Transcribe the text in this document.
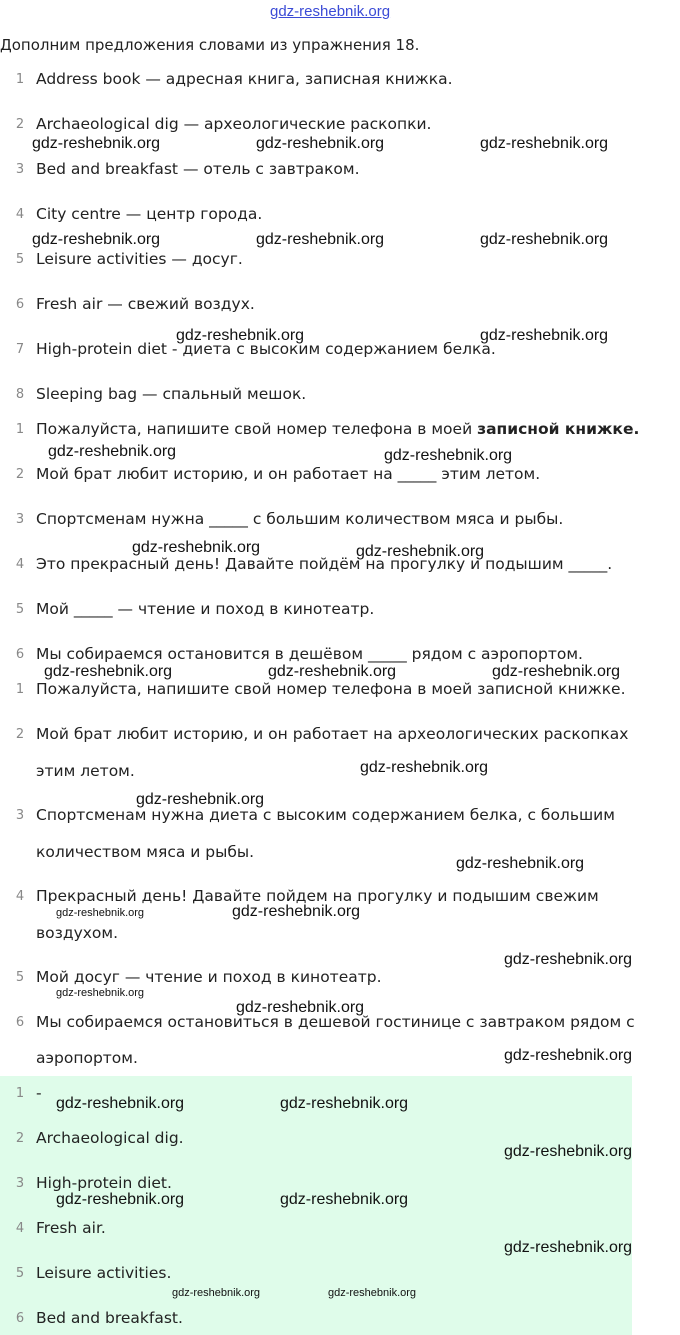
gdz-reshebnik.org
Дополним предложения словами из упражнения 18.
1 Address book — адресная книга, записная книжка.
2 Archaeological dig — археологические раскопки.
3 Bed and breakfast — отель с завтраком.
4 City centre — центр города.
5 Leisure activities — досуг.
6 Fresh air — свежий воздух.
7 High-protein diet - диета с высоким содержанием белка.
8 Sleeping bag — спальный мешок.
1 Пожалуйста, напишите свой номер телефона в моей записной книжке.
2 Мой брат любит историю, и он работает на _____ этим летом.
3 Спортсменам нужна _____ с большим количеством мяса и рыбы.
4 Это прекрасный день! Давайте пойдём на прогулку и подышим _____.
5 Мой _____ — чтение и поход в кинотеатр.
6 Мы собираемся остановится в дешёвом _____ рядом с аэропортом.
1 Пожалуйста, напишите свой номер телефона в моей записной книжке.
2 Мой брат любит историю, и он работает на археологических раскопках
этим летом.
3 Спортсменам нужна диета с высоким содержанием белка, с большим
количеством мяса и рыбы.
4 Прекрасный день! Давайте пойдем на прогулку и подышим свежим
воздухом.
5 Мой досуг — чтение и поход в кинотеатр.
6 Мы собираемся остановиться в дешевой гостинице с завтраком рядом с
аэропортом.
1 -
2 Archaeological dig.
3 High-protein diet.
4 Fresh air.
5 Leisure activities.
6 Bed and breakfast.
gdz-reshebnik.org	gdz-reshebnik.org	gdz-reshebnik.org
gdz-reshebnik.org	gdz-reshebnik.org	gdz-reshebnik.org
gdz-reshebnik.org	gdz-reshebnik.org
gdz-reshebnik.org	gdz-reshebnik.org
gdz-reshebnik.org	gdz-reshebnik.org
gdz-reshebnik.org	gdz-reshebnik.org	gdz-reshebnik.org
gdz-reshebnik.org
gdz-reshebnik.org
gdz-reshebnik.org
gdz-reshebnik.org	gdz-reshebnik.org
gdz-reshebnik.org
gdz-reshebnik.org
gdz-reshebnik.org
gdz-reshebnik.org
gdz-reshebnik.org	gdz-reshebnik.org
gdz-reshebnik.org
gdz-reshebnik.org	gdz-reshebnik.org
gdz-reshebnik.org
gdz-reshebnik.org	gdz-reshebnik.org
